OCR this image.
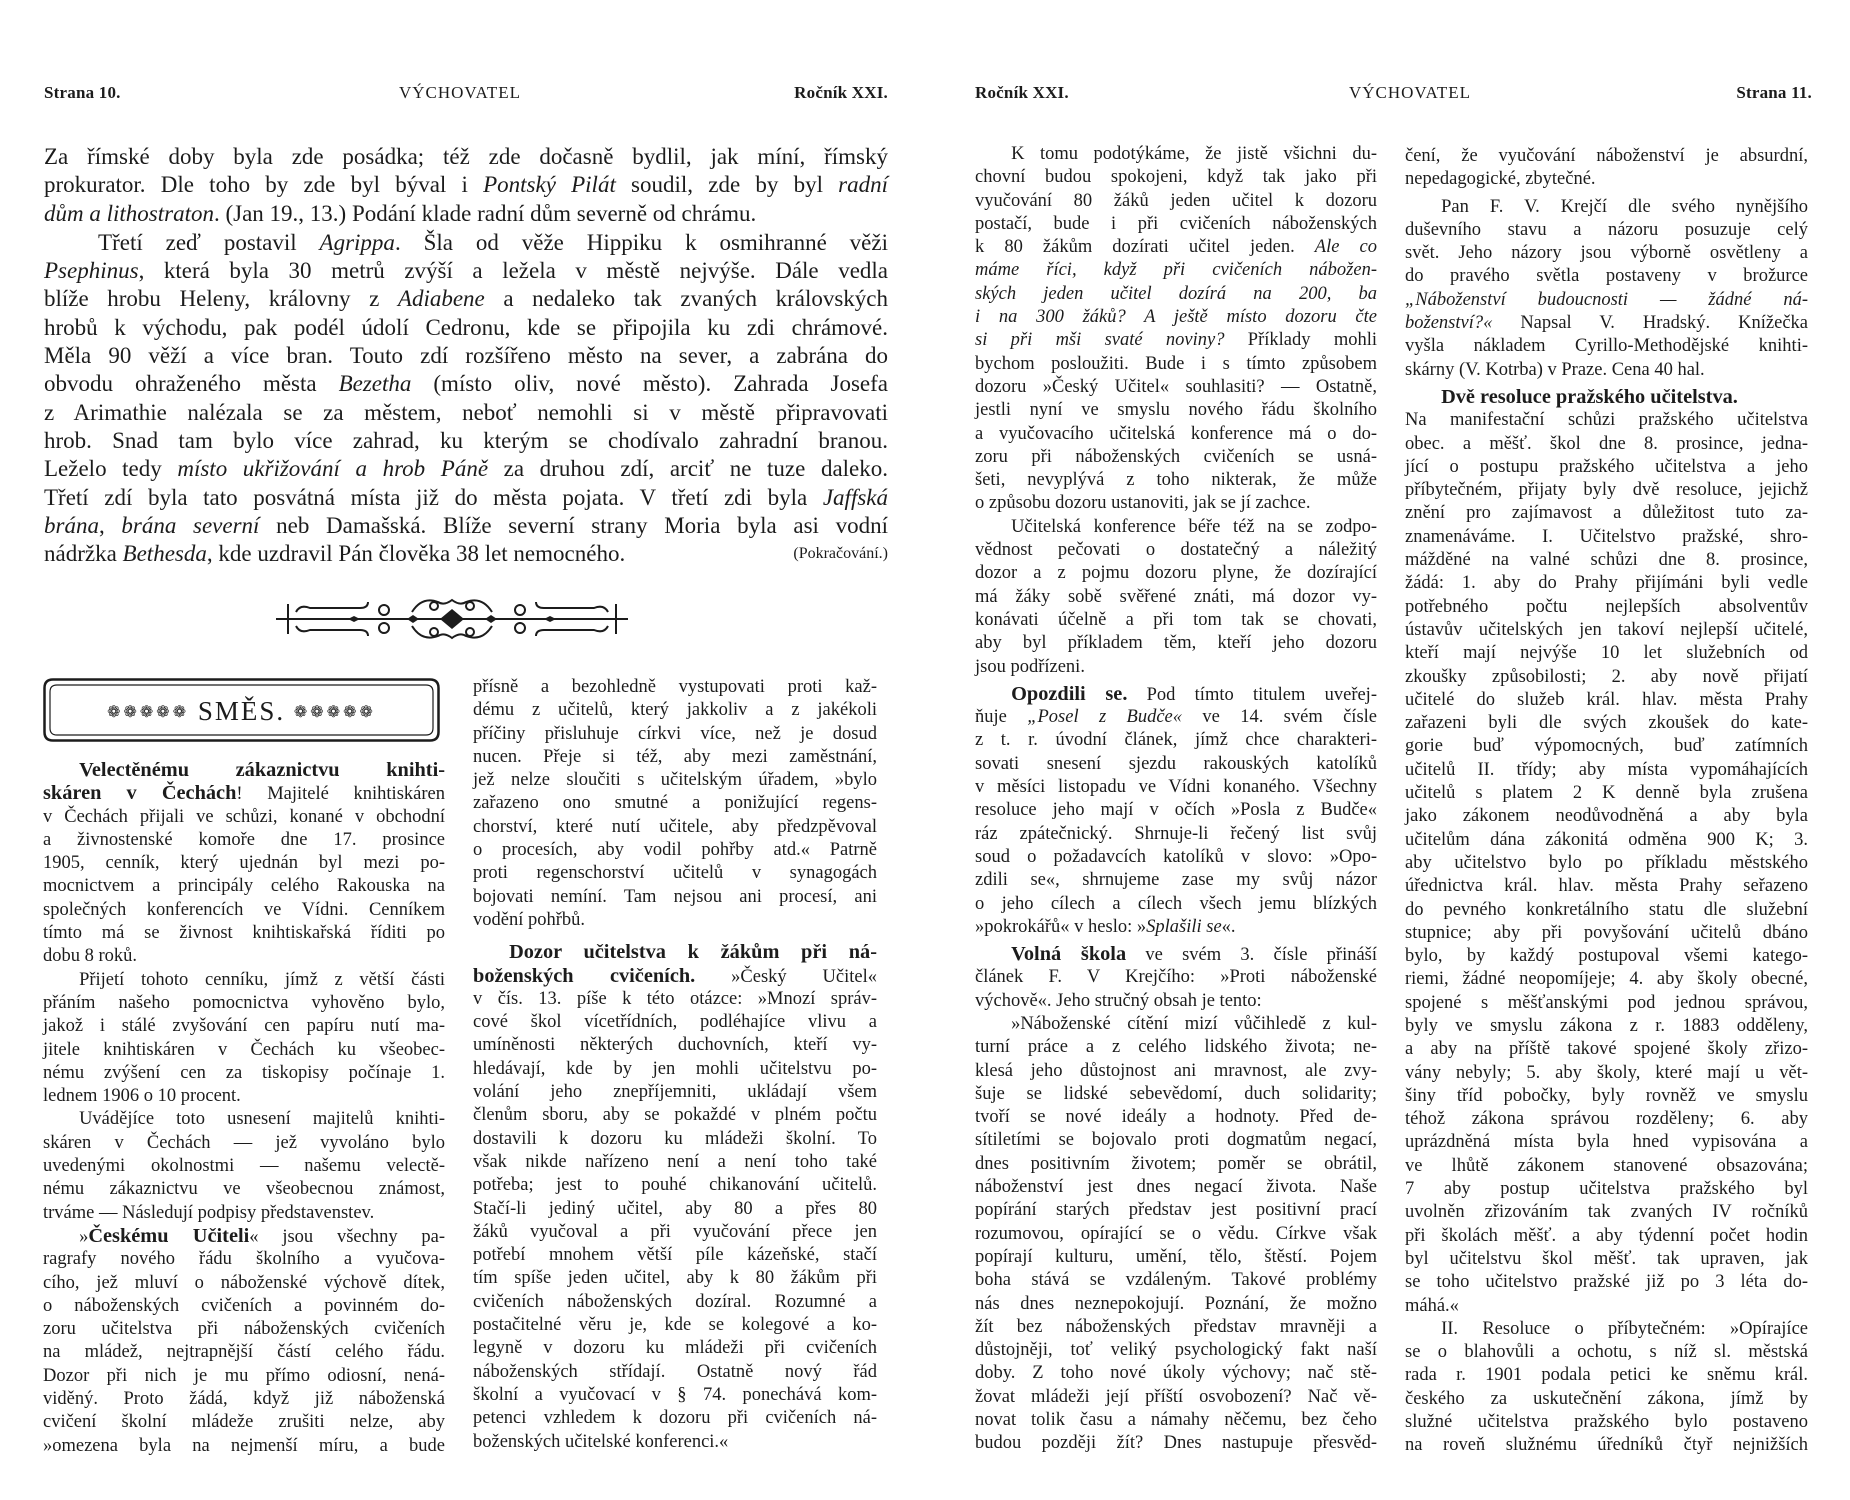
Strana 10.	VÝCHOVATEL	Ročník XXI.
Za římské doby byla zde posádka; též zde dočasně bydlil, jak míní, římský
prokurator. Dle toho by zde byl býval i Pontský Pilát soudil, zde by byl radní
dům a lithostraton. (Jan 19., 13.) Podání klade radní dům severně od chrámu.
Třetí zeď postavil Agrippa. Šla od věže Hippiku k osmihranné věži
Psephinus, která byla 30 metrů zvýší a ležela v městě nejvýše. Dále vedla
blíže hrobu Heleny, královny z Adiabene a nedaleko tak zvaných královských
hrobů k východu, pak podél údolí Cedronu, kde se připojila ku zdi chrámové.
Měla 90 věží a více bran. Touto zdí rozšířeno město na sever, a zabrána do
obvodu ohraženého města Bezetha (místo oliv, nové město). Zahrada Josefa
z Arimathie nalézala se za městem, neboť nemohli si v městě připravovati
hrob. Snad tam bylo více zahrad, ku kterým se chodívalo zahradní branou.
Leželo tedy místo ukřižování a hrob Páně za druhou zdí, arciť ne tuze daleko.
Třetí zdí byla tato posvátná místa již do města pojata. V třetí zdi byla Jaffská
brána, brána severní neb Damašská. Blíže severní strany Moria byla asi vodní
nádržka Bethesda, kde uzdravil Pán člověka 38 let nemocného.	(Pokračování.)
❁❁❁❁❁ SMĚS. ❁❁❁❁❁
Velectěnému zákaznictvu knihti-
skáren v Čechách! Majitelé knihtiskáren
v Čechách přijali ve schůzi, konané v obchodní
a živnostenské komoře dne 17. prosince
1905, cenník, který ujednán byl mezi po-
mocnictvem a principály celého Rakouska na
společných konferencích ve Vídni. Cenníkem
tímto má se živnost knihtiskařská říditi po
dobu 8 roků.
Přijetí tohoto cenníku, jímž z větší části
přáním našeho pomocnictva vyhověno bylo,
jakož i stálé zvyšování cen papíru nutí ma-
jitele knihtiskáren v Čechách ku všeobec-
nému zvýšení cen za tiskopisy počínaje 1.
lednem 1906 o 10 procent.
Uvádějíce toto usnesení majitelů knihti-
skáren v Čechách — jež vyvoláno bylo
uvedenými okolnostmi — našemu velectě-
nému zákaznictvu ve všeobecnou známost,
trváme — Následují podpisy představenstev.
»Českému Učiteli« jsou všechny pa-
ragrafy nového řádu školního a vyučova-
cího, jež mluví o náboženské výchově dítek,
o náboženských cvičeních a povinném do-
zoru učitelstva při náboženských cvičeních
na mládež, nejtrapnější částí celého řádu.
Dozor při nich je mu přímo odiosní, nená-
viděný. Proto žádá, když již náboženská
cvičení školní mládeže zrušiti nelze, aby
»omezena byla na nejmenší míru, a bude
přísně a bezohledně vystupovati proti kaž-
dému z učitelů, který jakkoliv a z jakékoli
příčiny přisluhuje církvi více, než je dosud
nucen. Přeje si též, aby mezi zaměstnání,
jež nelze sloučiti s učitelským úřadem, »bylo
zařazeno ono smutné a ponižující regens-
chorství, které nutí učitele, aby předzpěvoval
o procesích, aby vodil pohřby atd.« Patrně
proti regenschorství učitelů v synagogách
bojovati nemíní. Tam nejsou ani procesí, ani
vodění pohřbů.
Dozor učitelstva k žákům při ná-
boženských cvičeních. »Český Učitel«
v čís. 13. píše k této otázce: »Mnozí správ-
cové škol vícetřídních, podléhajíce vlivu a
umíněnosti některých duchovních, kteří vy-
hledávají, kde by jen mohli učitelstvu po-
volání jeho znepříjemniti, ukládají všem
členům sboru, aby se pokaždé v plném počtu
dostavili k dozoru ku mládeži školní. To
však nikde nařízeno není a není toho také
potřeba; jest to pouhé chikanování učitelů.
Stačí-li jediný učitel, aby 80 a přes 80
žáků vyučoval a při vyučování přece jen
potřebí mnohem větší píle kázeňské, stačí
tím spíše jeden učitel, aby k 80 žákům při
cvičeních náboženských dozíral. Rozumné a
postačitelné věru je, kde se kolegové a ko-
legyně v dozoru ku mládeži při cvičeních
náboženských střídají. Ostatně nový řád
školní a vyučovací v § 74. ponechává kom-
petenci vzhledem k dozoru při cvičeních ná-
boženských učitelské konferenci.«
Ročník XXI.	VÝCHOVATEL	Strana 11.
K tomu podotýkáme, že jistě všichni du-
chovní budou spokojeni, když tak jako při
vyučování 80 žáků jeden učitel k dozoru
postačí, bude i při cvičeních náboženských
k 80 žákům dozírati učitel jeden. Ale co
máme říci, když při cvičeních nábožen-
ských jeden učitel dozírá na 200, ba
i na 300 žáků? A ještě místo dozoru čte
si při mši svaté noviny? Příklady mohli
bychom posloužiti. Bude i s tímto způsobem
dozoru »Český Učitel« souhlasiti? — Ostatně,
jestli nyní ve smyslu nového řádu školního
a vyučovacího učitelská konference má o do-
zoru při náboženských cvičeních se usná-
šeti, nevyplývá z toho nikterak, že může
o způsobu dozoru ustanoviti, jak se jí zachce.
Učitelská konference béře též na se zodpo-
vědnost pečovati o dostatečný a náležitý
dozor a z pojmu dozoru plyne, že dozírající
má žáky sobě svěřené znáti, má dozor vy-
konávati účelně a při tom tak se chovati,
aby byl příkladem těm, kteří jeho dozoru
jsou podřízeni.
Opozdili se. Pod tímto titulem uveřej-
ňuje „Posel z Budče« ve 14. svém čísle
z t. r. úvodní článek, jímž chce charakteri-
sovati snesení sjezdu rakouských katolíků
v měsíci listopadu ve Vídni konaného. Všechny
resoluce jeho mají v očích »Posla z Budče«
ráz zpátečnický. Shrnuje-li řečený list svůj
soud o požadavcích katolíků v slovo: »Opo-
zdili se«, shrnujeme zase my svůj názor
o jeho cílech a cílech všech jemu blízkých
»pokrokářů« v heslo: »Splašili se«.
Volná škola ve svém 3. čísle přináší
článek F. V Krejčího: »Proti náboženské
výchově«. Jeho stručný obsah je tento:
»Náboženské cítění mizí vůčihledě z kul-
turní práce a z celého lidského života; ne-
klesá jeho důstojnost ani mravnost, ale zvy-
šuje se lidské sebevědomí, duch solidarity;
tvoří se nové ideály a hodnoty. Před de-
sítiletími se bojovalo proti dogmatům negací,
dnes positivním životem; poměr se obrátil,
náboženství jest dnes negací života. Naše
popírání starých představ jest positivní prací
rozumovou, opírající se o vědu. Církve však
popírají kulturu, umění, tělo, štěstí. Pojem
boha stává se vzdáleným. Takové problémy
nás dnes neznepokojují. Poznání, že možno
žít bez náboženských představ mravněji a
důstojněji, toť veliký psychologický fakt naší
doby. Z toho nové úkoly výchovy; nač stě-
žovat mládeži její příští osvobození? Nač vě-
novat tolik času a námahy něčemu, bez čeho
budou později žít? Dnes nastupuje přesvěd-
čení, že vyučování náboženství je absurdní,
nepedagogické, zbytečné.
Pan F. V. Krejčí dle svého nynějšího
duševního stavu a názoru posuzuje celý
svět. Jeho názory jsou výborně osvětleny a
do pravého světla postaveny v brožurce
„Náboženství budoucnosti — žádné ná-
boženství?« Napsal V. Hradský. Knížečka
vyšla nákladem Cyrillo-Methodějské knihti-
skárny (V. Kotrba) v Praze. Cena 40 hal.
Dvě resoluce pražského učitelstva.
Na manifestační schůzi pražského učitelstva
obec. a měšť. škol dne 8. prosince, jedna-
jící o postupu pražského učitelstva a jeho
příbytečném, přijaty byly dvě resoluce, jejichž
znění pro zajímavost a důležitost tuto za-
znamenáváme. I. Učitelstvo pražské, shro-
mážděné na valné schůzi dne 8. prosince,
žádá: 1. aby do Prahy přijímáni byli vedle
potřebného počtu nejlepších absolventův
ústavův učitelských jen takoví nejlepší učitelé,
kteří mají nejvýše 10 let služebních od
zkoušky způsobilosti; 2. aby nově přijatí
učitelé do služeb král. hlav. města Prahy
zařazeni byli dle svých zkoušek do kate-
gorie buď výpomocných, buď zatímních
učitelů II. třídy; aby místa vypomáhajících
učitelů s platem 2 K denně byla zrušena
jako zákonem neodůvodněná a aby byla
učitelům dána zákonitá odměna 900 K; 3.
aby učitelstvo bylo po příkladu městského
úřednictva král. hlav. města Prahy seřazeno
do pevného konkretálního statu dle služební
stupnice; aby při povyšování učitelů dbáno
bylo, by každý postupoval všemi katego-
riemi, žádné neopomíjeje; 4. aby školy obecné,
spojené s měšťanskými pod jednou správou,
byly ve smyslu zákona z r. 1883 odděleny,
a aby na příště takové spojené školy zřizo-
vány nebyly; 5. aby školy, které mají u vět-
šiny tříd pobočky, byly rovněž ve smyslu
téhož zákona správou rozděleny; 6. aby
uprázdněná místa byla hned vypisována a
ve lhůtě zákonem stanovené obsazována;
7 aby postup učitelstva pražského byl
uvolněn zřizováním tak zvaných IV ročníků
při školách měšť. a aby týdenní počet hodin
byl učitelstvu škol měšť. tak upraven, jak
se toho učitelstvo pražské již po 3 léta do-
máhá.«
II. Resoluce o příbytečném: »Opírajíce
se o blahovůli a ochotu, s níž sl. městská
rada r. 1901 podala petici ke sněmu král.
českého za uskutečnění zákona, jímž by
služné učitelstva pražského bylo postaveno
na roveň služnému úředníků čtyř nejnižších
